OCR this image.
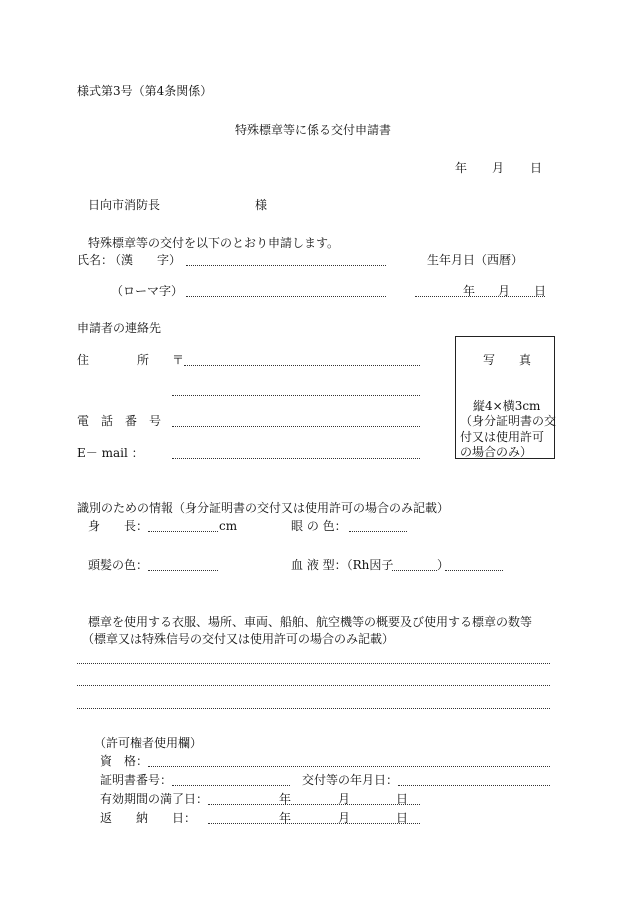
様式第3号（第4条関係）
特殊標章等に係る交付申請書
年 月 日
日向市消防長	様
特殊標章等の交付を以下のとおり申請します。
氏名：
（漢　　字）	生年月日（西暦）
（ローマ字）	年 月 日
申請者の連絡先
住　　　　所 〒
電　話　番　号
E－ mail ：
写　　真
縦4×横3cm
（身分証明書の交
付又は使用許可
の場合のみ）
識別のための情報（身分証明書の交付又は使用許可の場合のみ記載）
身　　長：	cm	眼 の 色：
頭髪の色：	血 液 型：（Rh因子	）
標章を使用する衣服、場所、車両、船舶、航空機等の概要及び使用する標章の数等
（標章又は特殊信号の交付又は使用許可の場合のみ記載）
（許可権者使用欄）
資　格：
証明書番号：	交付等の年月日：
有効期間の満了日：	年	月	日
返　　納　　日：	年	月	日
